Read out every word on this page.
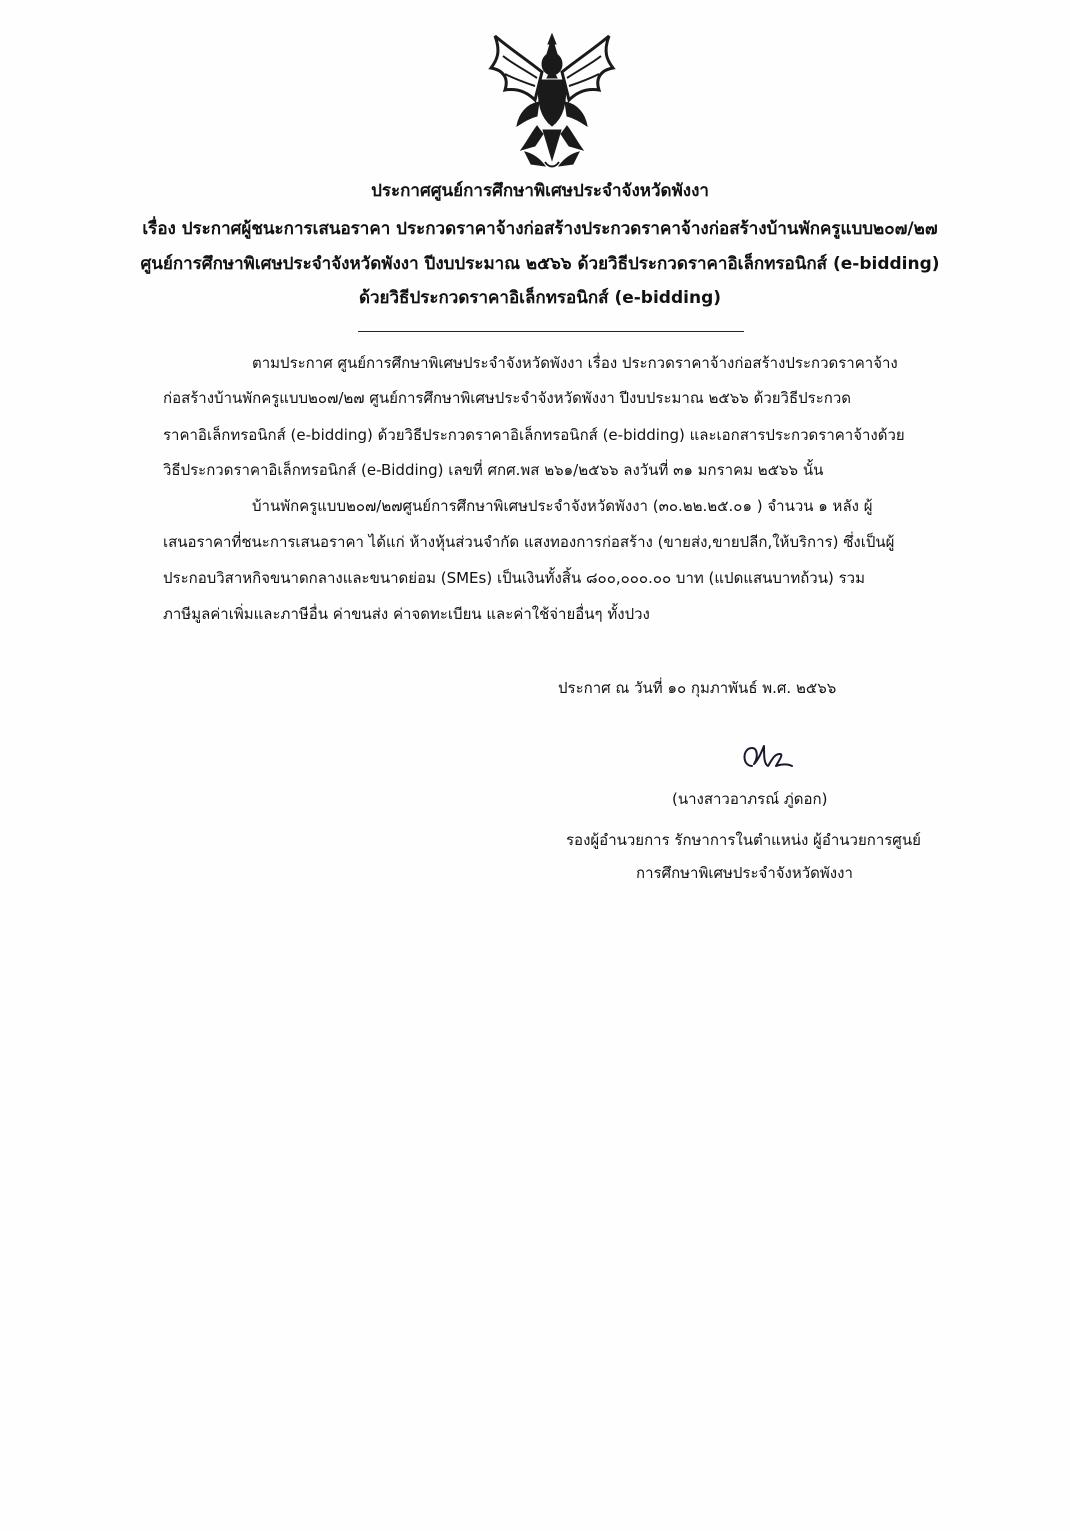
ประกาศศูนย์การศึกษาพิเศษประจำจังหวัดพังงา
เรื่อง ประกาศผู้ชนะการเสนอราคา ประกวดราคาจ้างก่อสร้างประกวดราคาจ้างก่อสร้างบ้านพักครูแบบ๒๐๗/๒๗
ศูนย์การศึกษาพิเศษประจำจังหวัดพังงา ปีงบประมาณ ๒๕๖๖ ด้วยวิธีประกวดราคาอิเล็กทรอนิกส์ (e-bidding)
ด้วยวิธีประกวดราคาอิเล็กทรอนิกส์ (e-bidding)
ตามประกาศ ศูนย์การศึกษาพิเศษประจำจังหวัดพังงา เรื่อง ประกวดราคาจ้างก่อสร้างประกวดราคาจ้าง
ก่อสร้างบ้านพักครูแบบ๒๐๗/๒๗ ศูนย์การศึกษาพิเศษประจำจังหวัดพังงา ปีงบประมาณ ๒๕๖๖ ด้วยวิธีประกวด
ราคาอิเล็กทรอนิกส์ (e-bidding) ด้วยวิธีประกวดราคาอิเล็กทรอนิกส์ (e-bidding) และเอกสารประกวดราคาจ้างด้วย
วิธีประกวดราคาอิเล็กทรอนิกส์ (e-Bidding) เลขที่ ศกศ.พส ๒๖๑/๒๕๖๖ ลงวันที่ ๓๑ มกราคม ๒๕๖๖ นั้น
บ้านพักครูแบบ๒๐๗/๒๗ศูนย์การศึกษาพิเศษประจำจังหวัดพังงา (๓๐.๒๒.๒๕.๐๑ ) จำนวน ๑ หลัง ผู้
เสนอราคาที่ชนะการเสนอราคา ได้แก่ ห้างหุ้นส่วนจำกัด แสงทองการก่อสร้าง (ขายส่ง,ขายปลีก,ให้บริการ) ซึ่งเป็นผู้
ประกอบวิสาหกิจขนาดกลางและขนาดย่อม (SMEs) เป็นเงินทั้งสิ้น ๘๐๐,๐๐๐.๐๐ บาท (แปดแสนบาทถ้วน) รวม
ภาษีมูลค่าเพิ่มและภาษีอื่น ค่าขนส่ง ค่าจดทะเบียน และค่าใช้จ่ายอื่นๆ ทั้งปวง
ประกาศ ณ วันที่ ๑๐ กุมภาพันธ์ พ.ศ. ๒๕๖๖
(นางสาวอาภรณ์ ภู่ดอก)
รองผู้อำนวยการ รักษาการในตำแหน่ง ผู้อำนวยการศูนย์
การศึกษาพิเศษประจำจังหวัดพังงา
